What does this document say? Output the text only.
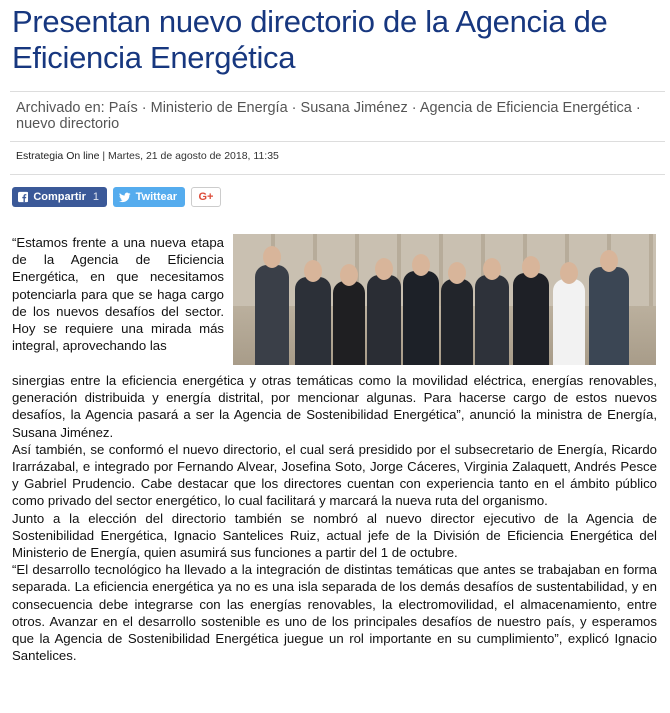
Presentan nuevo directorio de la Agencia de Eficiencia Energética
Archivado en: País · Ministerio de Energía · Susana Jiménez · Agencia de Eficiencia Energética · nuevo directorio
Estrategia On line | Martes, 21 de agosto de 2018, 11:35
Compartir 1	Twittear	G+

“Estamos frente a una nueva etapa de la Agencia de Eficiencia Energética, en que necesitamos potenciarla para que se haga cargo de los nuevos desafíos del sector. Hoy se requiere una mirada más integral, aprovechando las

sinergias entre la eficiencia energética y otras temáticas como la movilidad eléctrica, energías renovables, generación distribuida y energía distrital, por mencionar algunas. Para hacerse cargo de estos nuevos desafíos, la Agencia pasará a ser la Agencia de Sostenibilidad Energética”, anunció la ministra de Energía, Susana Jiménez.

Así también, se conformó el nuevo directorio, el cual será presidido por el subsecretario de Energía, Ricardo Irarrázabal, e integrado por Fernando Alvear, Josefina Soto, Jorge Cáceres, Virginia Zalaquett, Andrés Pesce y Gabriel Prudencio. Cabe destacar que los directores cuentan con experiencia tanto en el ámbito público como privado del sector energético, lo cual facilitará y marcará la nueva ruta del organismo.

Junto a la elección del directorio también se nombró al nuevo director ejecutivo de la Agencia de Sostenibilidad Energética, Ignacio Santelices Ruiz, actual jefe de la División de Eficiencia Energética del Ministerio de Energía, quien asumirá sus funciones a partir del 1 de octubre.

“El desarrollo tecnológico ha llevado a la integración de distintas temáticas que antes se trabajaban en forma separada. La eficiencia energética ya no es una isla separada de los demás desafíos de sustentabilidad, y en consecuencia debe integrarse con las energías renovables, la electromovilidad, el almacenamiento, entre otros. Avanzar en el desarrollo sostenible es uno de los principales desafíos de nuestro país, y esperamos que la Agencia de Sostenibilidad Energética juegue un rol importante en su cumplimiento”, explicó Ignacio Santelices.
